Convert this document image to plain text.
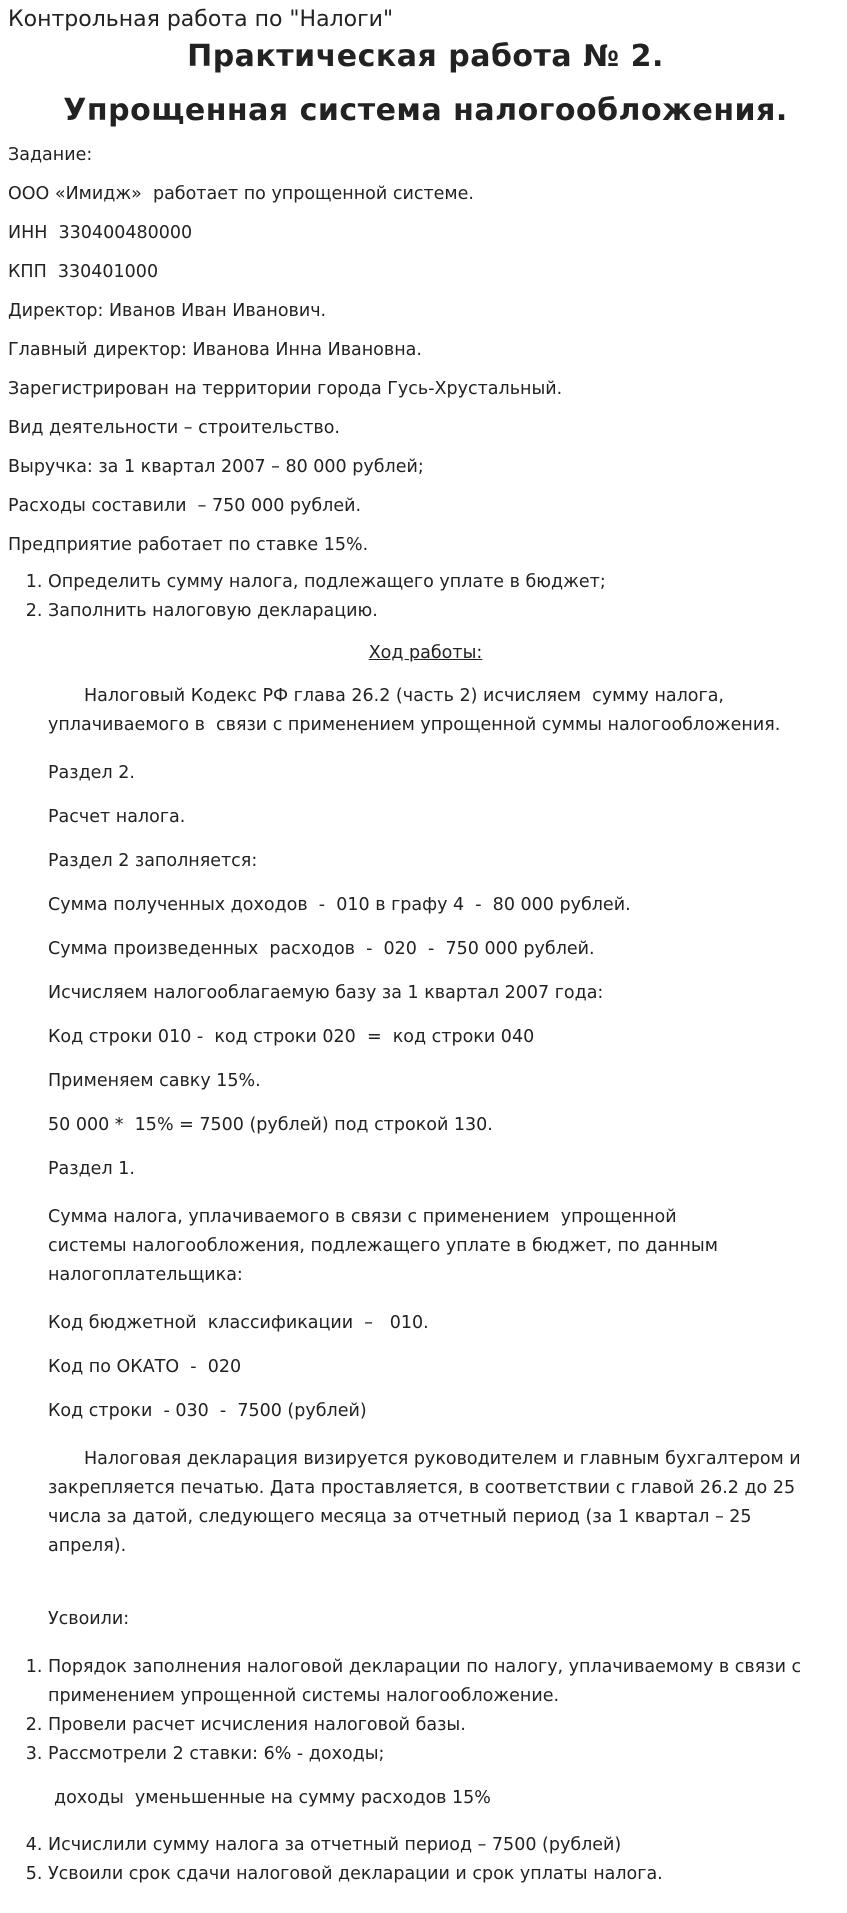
Контрольная работа по "Налоги"
Практическая работа № 2.
Упрощенная система налогообложения.

Задание:

ООО «Имидж»  работает по упрощенной системе.

ИНН  330400480000

КПП  330401000

Директор: Иванов Иван Иванович.

Главный директор: Иванова Инна Ивановна.

Зарегистрирован на территории города Гусь-Хрустальный.

Вид деятельности – строительство.

Выручка: за 1 квартал 2007 – 80 000 рублей;

Расходы составили  – 750 000 рублей.

Предприятие работает по ставке 15%.

1. Определить сумму налога, подлежащего уплате в бюджет;
2. Заполнить налоговую декларацию.

Ход работы:

Налоговый Кодекс РФ глава 26.2 (часть 2) исчисляем  сумму налога,
уплачиваемого в  связи с применением упрощенной суммы налогообложения.

Раздел 2.

Расчет налога.

Раздел 2 заполняется:

Сумма полученных доходов  -  010 в графу 4  -  80 000 рублей.

Сумма произведенных  расходов  -  020  -  750 000 рублей.

Исчисляем налогооблагаемую базу за 1 квартал 2007 года:

Код строки 010 -  код строки 020  =  код строки 040

Применяем савку 15%.

50 000 *  15% = 7500 (рублей) под строкой 130.

Раздел 1.

Сумма налога, уплачиваемого в связи с применением  упрощенной
системы налогообложения, подлежащего уплате в бюджет, по данным
налогоплательщика:

Код бюджетной  классификации  –   010.

Код по ОКАТО  -  020

Код строки  - 030  -  7500 (рублей)

Налоговая декларация визируется руководителем и главным бухгалтером и
закрепляется печатью. Дата проставляется, в соответствии с главой 26.2 до 25
числа за датой, следующего месяца за отчетный период (за 1 квартал – 25
апреля).

Усвоили:

1. Порядок заполнения налоговой декларации по налогу, уплачиваемому в связи с
применением упрощенной системы налогообложение.
2. Провели расчет исчисления налоговой базы.
3. Рассмотрели 2 ставки: 6% - доходы;

доходы  уменьшенные на сумму расходов 15%

4. Исчислили сумму налога за отчетный период – 7500 (рублей)
5. Усвоили срок сдачи налоговой декларации и срок уплаты налога.
